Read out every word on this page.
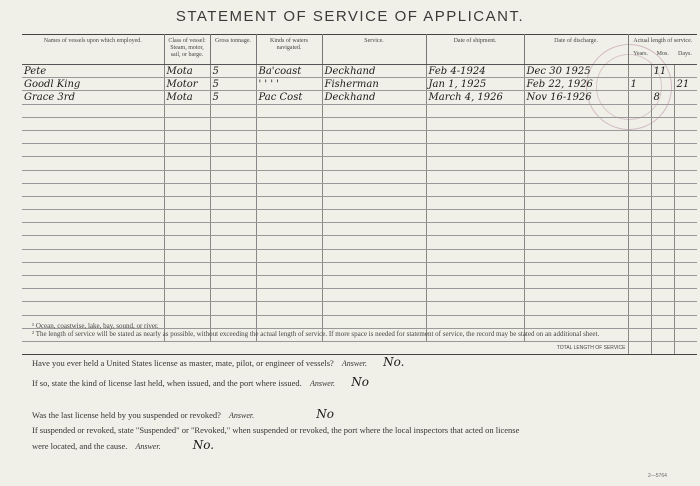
STATEMENT OF SERVICE OF APPLICANT.
Names of vessels upon which employed.	Class of vessel: Steam, motor, sail, or barge.	Gross tonnage.	Kinds of waters navigated.	Service.	Date of shipment.	Date of discharge.	Actual length of service.
Years. Mos. Days.		

Pete	Mota	5	Ba'coast	Deckhand	Feb 4-1924	Dec 30 1925		11	
Goodl King	Motor	5	' ' ' '	Fisherman	Jan 1, 1925	Feb 22, 1926	1		21
Grace 3rd	Mota	5	Pac Cost	Deckhand	March 4, 1926	Nov 16-1926		8	

TOTAL LENGTH OF SERVICE									
¹ Ocean, coastwise, lake, bay, sound, or river.
² The length of service will be stated as nearly as possible, without exceeding the actual length of service. If more space is needed for statement of service, the record may be stated on an additional sheet.
Have you ever held a United States license as master, mate, pilot, or engineer of vessels? Answer. No.
If so, state the kind of license last held, when issued, and the port where issued. Answer. No
Was the last license held by you suspended or revoked? Answer.	No
If suspended or revoked, state "Suspended" or "Revoked," when suspended or revoked, the port where the local inspectors that acted on license
were located, and the cause. Answer.	No.
2—5764
